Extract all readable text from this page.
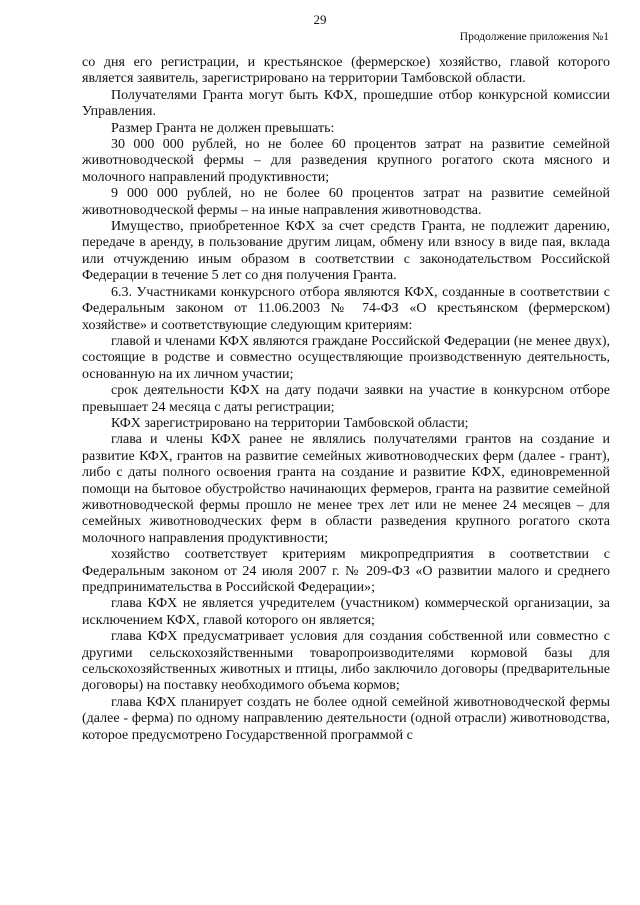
29
Продолжение приложения №1

со дня его регистрации, и крестьянское (фермерское) хозяйство, главой которого является заявитель, зарегистрировано на территории Тамбовской области.

Получателями Гранта могут быть КФХ, прошедшие отбор конкурсной комиссии Управления.

Размер Гранта не должен превышать:

30 000 000 рублей, но не более 60 процентов затрат на развитие семейной животноводческой фермы – для разведения крупного рогатого скота мясного и молочного направлений продуктивности;

9 000 000 рублей, но не более 60 процентов затрат на развитие семейной животноводческой фермы – на иные направления животноводства.

Имущество, приобретенное КФХ за счет средств Гранта, не подлежит дарению, передаче в аренду, в пользование другим лицам, обмену или взносу в виде пая, вклада или отчуждению иным образом в соответствии с законодательством Российской Федерации в течение 5 лет со дня получения Гранта.

6.3. Участниками конкурсного отбора являются КФХ, созданные в соответствии с Федеральным законом от 11.06.2003 № 74-ФЗ «О крестьянском (фермерском) хозяйстве» и соответствующие следующим критериям:

главой и членами КФХ являются граждане Российской Федерации (не менее двух), состоящие в родстве и совместно осуществляющие производственную деятельность, основанную на их личном участии;

срок деятельности КФХ на дату подачи заявки на участие в конкурсном отборе превышает 24 месяца с даты регистрации;

КФХ зарегистрировано на территории Тамбовской области;

глава и члены КФХ ранее не являлись получателями грантов на создание и развитие КФХ, грантов на развитие семейных животноводческих ферм (далее - грант), либо с даты полного освоения гранта на создание и развитие КФХ, единовременной помощи на бытовое обустройство начинающих фермеров, гранта на развитие семейной животноводческой фермы прошло не менее трех лет или не менее 24 месяцев – для семейных животноводческих ферм в области разведения крупного рогатого скота молочного направления продуктивности;

хозяйство соответствует критериям микропредприятия в соответствии с Федеральным законом от 24 июля 2007 г. № 209-ФЗ «О развитии малого и среднего предпринимательства в Российской Федерации»;

глава КФХ не является учредителем (участником) коммерческой организации, за исключением КФХ, главой которого он является;

глава КФХ предусматривает условия для создания собственной или совместно с другими сельскохозяйственными товаропроизводителями кормовой базы для сельскохозяйственных животных и птицы, либо заключило договоры (предварительные договоры) на поставку необходимого объема кормов;

глава КФХ планирует создать не более одной семейной животноводческой фермы (далее - ферма) по одному направлению деятельности (одной отрасли) животноводства, которое предусмотрено Государственной программой с
